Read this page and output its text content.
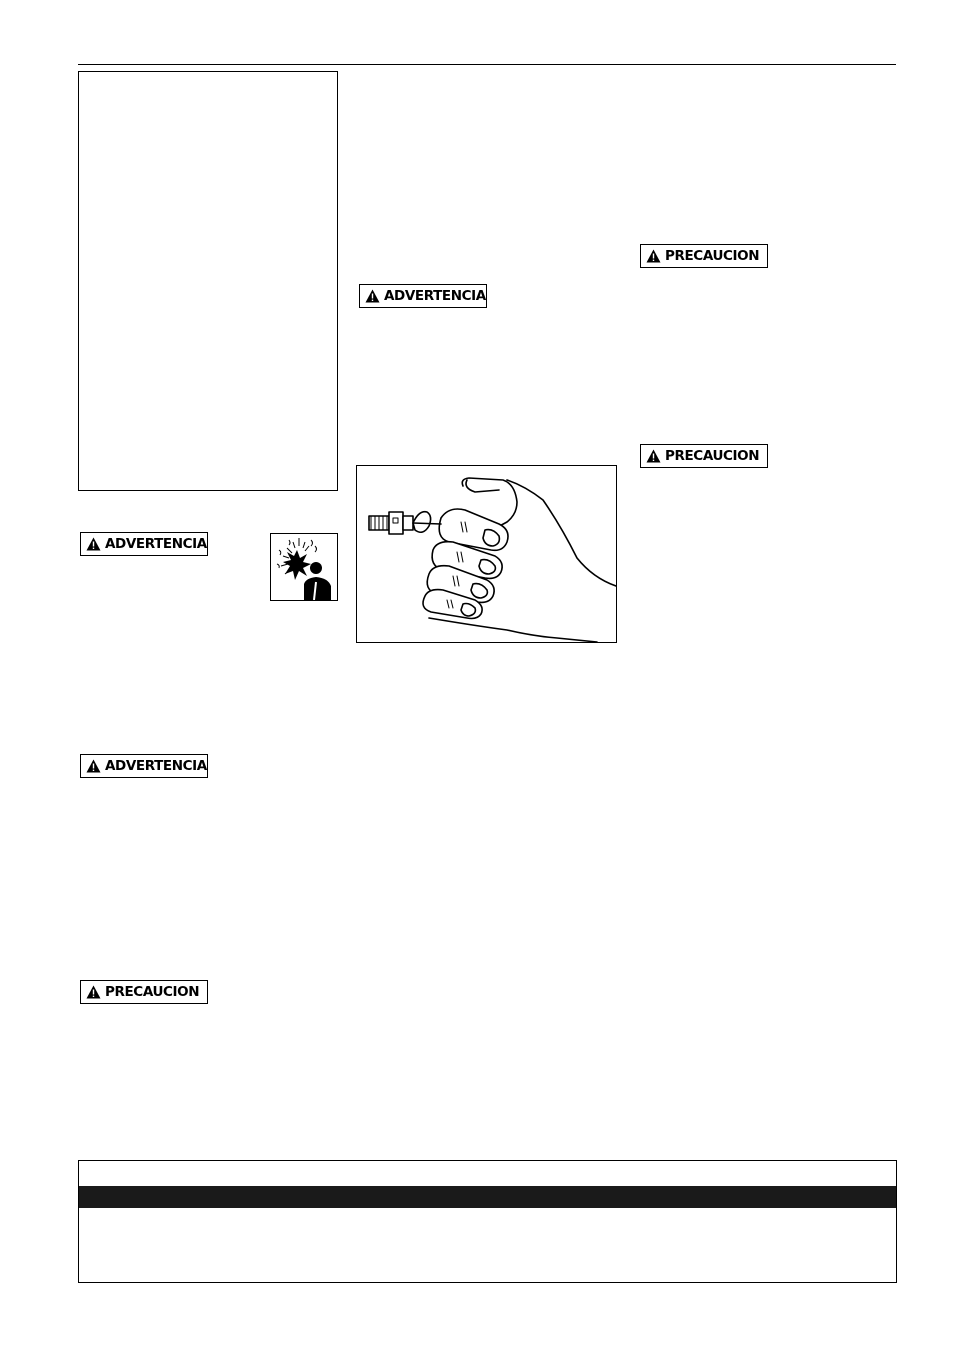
ADVERTENCIA
ADVERTENCIA
PRECAUCION
ADVERTENCIA
PRECAUCION
PRECAUCION
